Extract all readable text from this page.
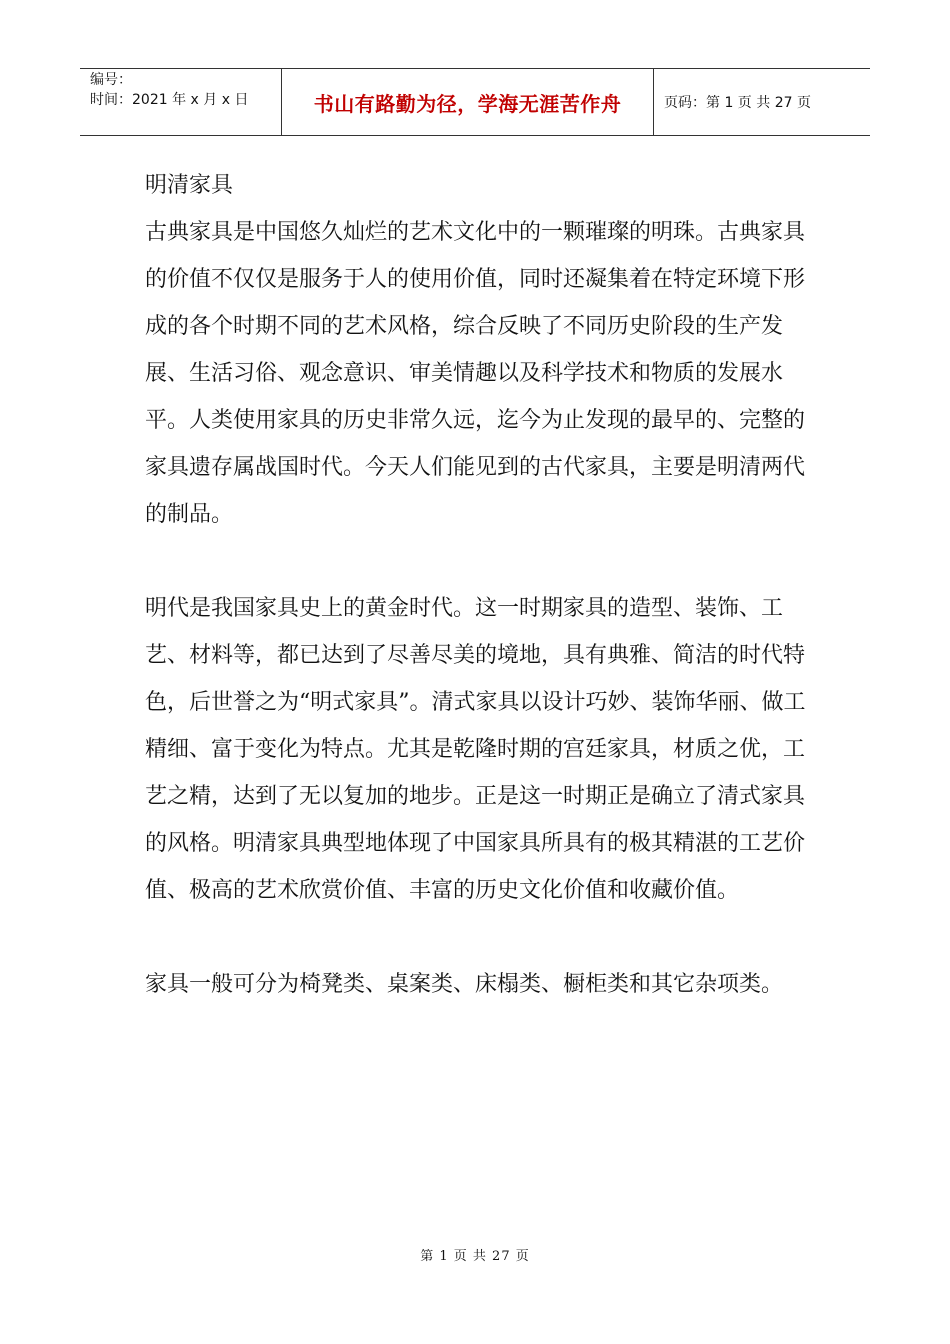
编号：
时间：2021 年 x 月 x 日	书山有路勤为径，学海无涯苦作舟	页码：第 1 页 共 27 页

明清家具

古典家具是中国悠久灿烂的艺术文化中的一颗璀璨的明珠。古典家具的价值不仅仅是服务于人的使用价值，同时还凝集着在特定环境下形成的各个时期不同的艺术风格，综合反映了不同历史阶段的生产发展、生活习俗、观念意识、审美情趣以及科学技术和物质的发展水平。人类使用家具的历史非常久远，迄今为止发现的最早的、完整的家具遗存属战国时代。今天人们能见到的古代家具，主要是明清两代的制品。

明代是我国家具史上的黄金时代。这一时期家具的造型、装饰、工艺、材料等，都已达到了尽善尽美的境地，具有典雅、简洁的时代特色，后世誉之为“明式家具”。清式家具以设计巧妙、装饰华丽、做工精细、富于变化为特点。尤其是乾隆时期的宫廷家具，材质之优，工艺之精，达到了无以复加的地步。正是这一时期正是确立了清式家具的风格。明清家具典型地体现了中国家具所具有的极其精湛的工艺价值、极高的艺术欣赏价值、丰富的历史文化价值和收藏价值。

家具一般可分为椅凳类、桌案类、床榻类、橱柜类和其它杂项类。

第 1 页 共 27 页
